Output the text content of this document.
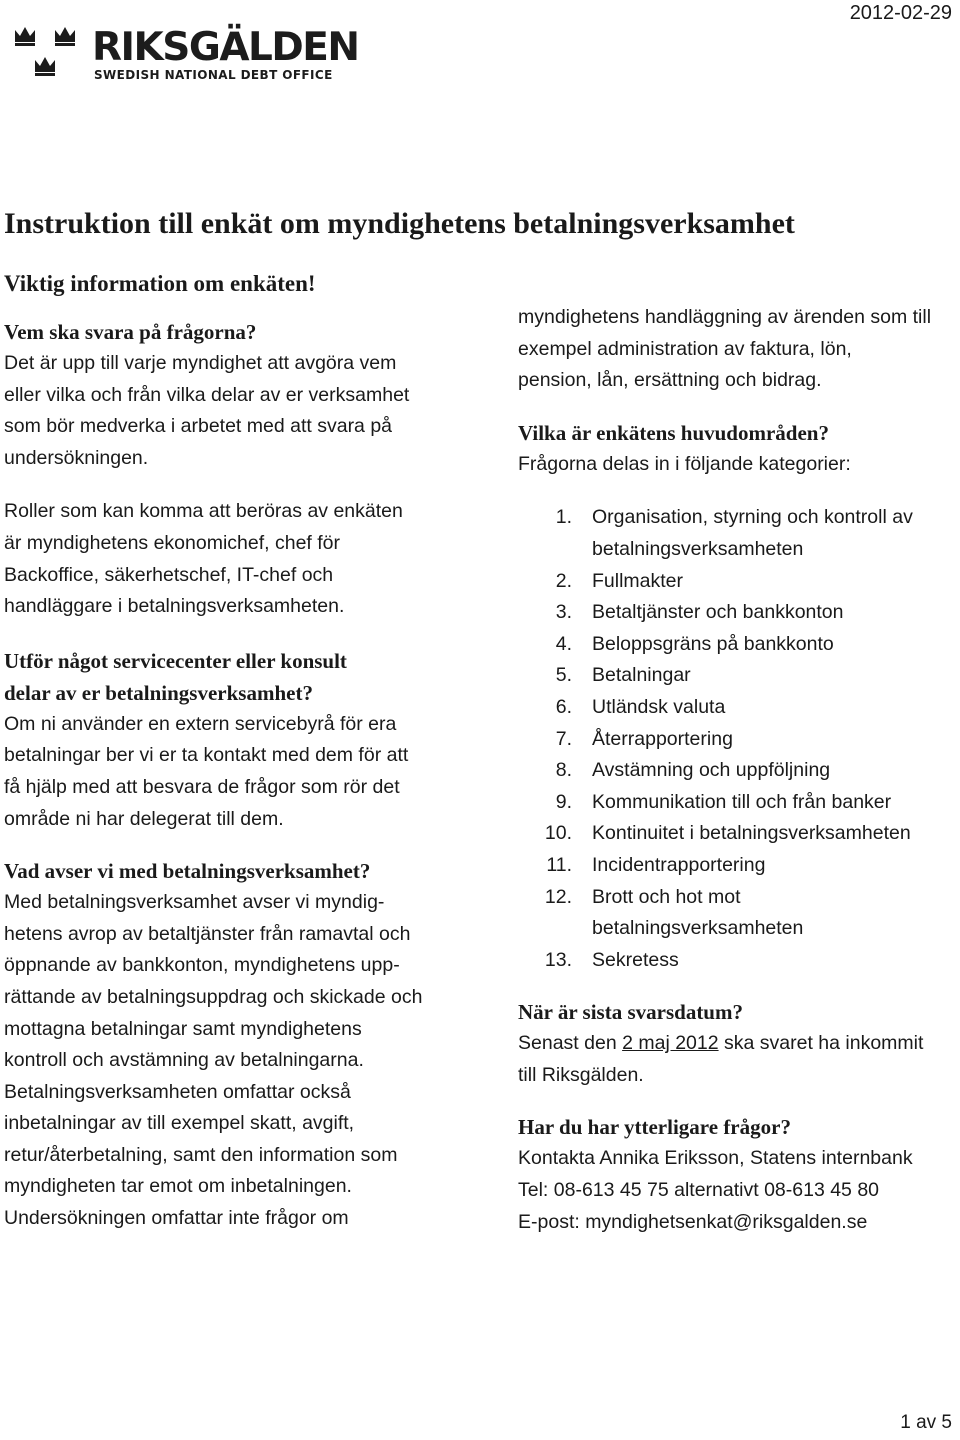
2012-02-29
RIKSGÄLDEN
SWEDISH NATIONAL DEBT OFFICE
Instruktion till enkät om myndighetens betalningsverksamhet
Viktig information om enkäten!
Vem ska svara på frågorna?

Det är upp till varje myndighet att avgöra vem
eller vilka och från vilka delar av er verksamhet
som bör medverka i arbetet med att svara på
undersökningen.

Roller som kan komma att beröras av enkäten
är myndighetens ekonomichef, chef för
Backoffice, säkerhetschef, IT-chef och
handläggare i betalningsverksamheten.

Utför något servicecenter eller konsult
delar av er betalningsverksamhet?

Om ni använder en extern servicebyrå för era
betalningar ber vi er ta kontakt med dem för att
få hjälp med att besvara de frågor som rör det
område ni har delegerat till dem.

Vad avser vi med betalningsverksamhet?

Med betalningsverksamhet avser vi myndig-
hetens avrop av betaltjänster från ramavtal och
öppnande av bankkonton, myndighetens upp-
rättande av betalningsuppdrag och skickade och
mottagna betalningar samt myndighetens
kontroll och avstämning av betalningarna.
Betalningsverksamheten omfattar också
inbetalningar av till exempel skatt, avgift,
retur/återbetalning, samt den information som
myndigheten tar emot om inbetalningen.
Undersökningen omfattar inte frågor om

myndighetens handläggning av ärenden som till
exempel administration av faktura, lön,
pension, lån, ersättning och bidrag.

Vilka är enkätens huvudområden?

Frågorna delas in i följande kategorier:

1. Organisation, styrning och kontroll av
betalningsverksamheten
2. Fullmakter
3. Betaltjänster och bankkonton
4. Beloppsgräns på bankkonto
5. Betalningar
6. Utländsk valuta
7. Återrapportering
8. Avstämning och uppföljning
9. Kommunikation till och från banker
10. Kontinuitet i betalningsverksamheten
11. Incidentrapportering
12. Brott och hot mot
betalningsverksamheten
13. Sekretess
När är sista svarsdatum?

Senast den 2 maj 2012 ska svaret ha inkommit
till Riksgälden.

Har du har ytterligare frågor?

Kontakta Annika Eriksson, Statens internbank
Tel: 08-613 45 75 alternativt 08-613 45 80
E-post: myndighetsenkat@riksgalden.se

1 av 5
